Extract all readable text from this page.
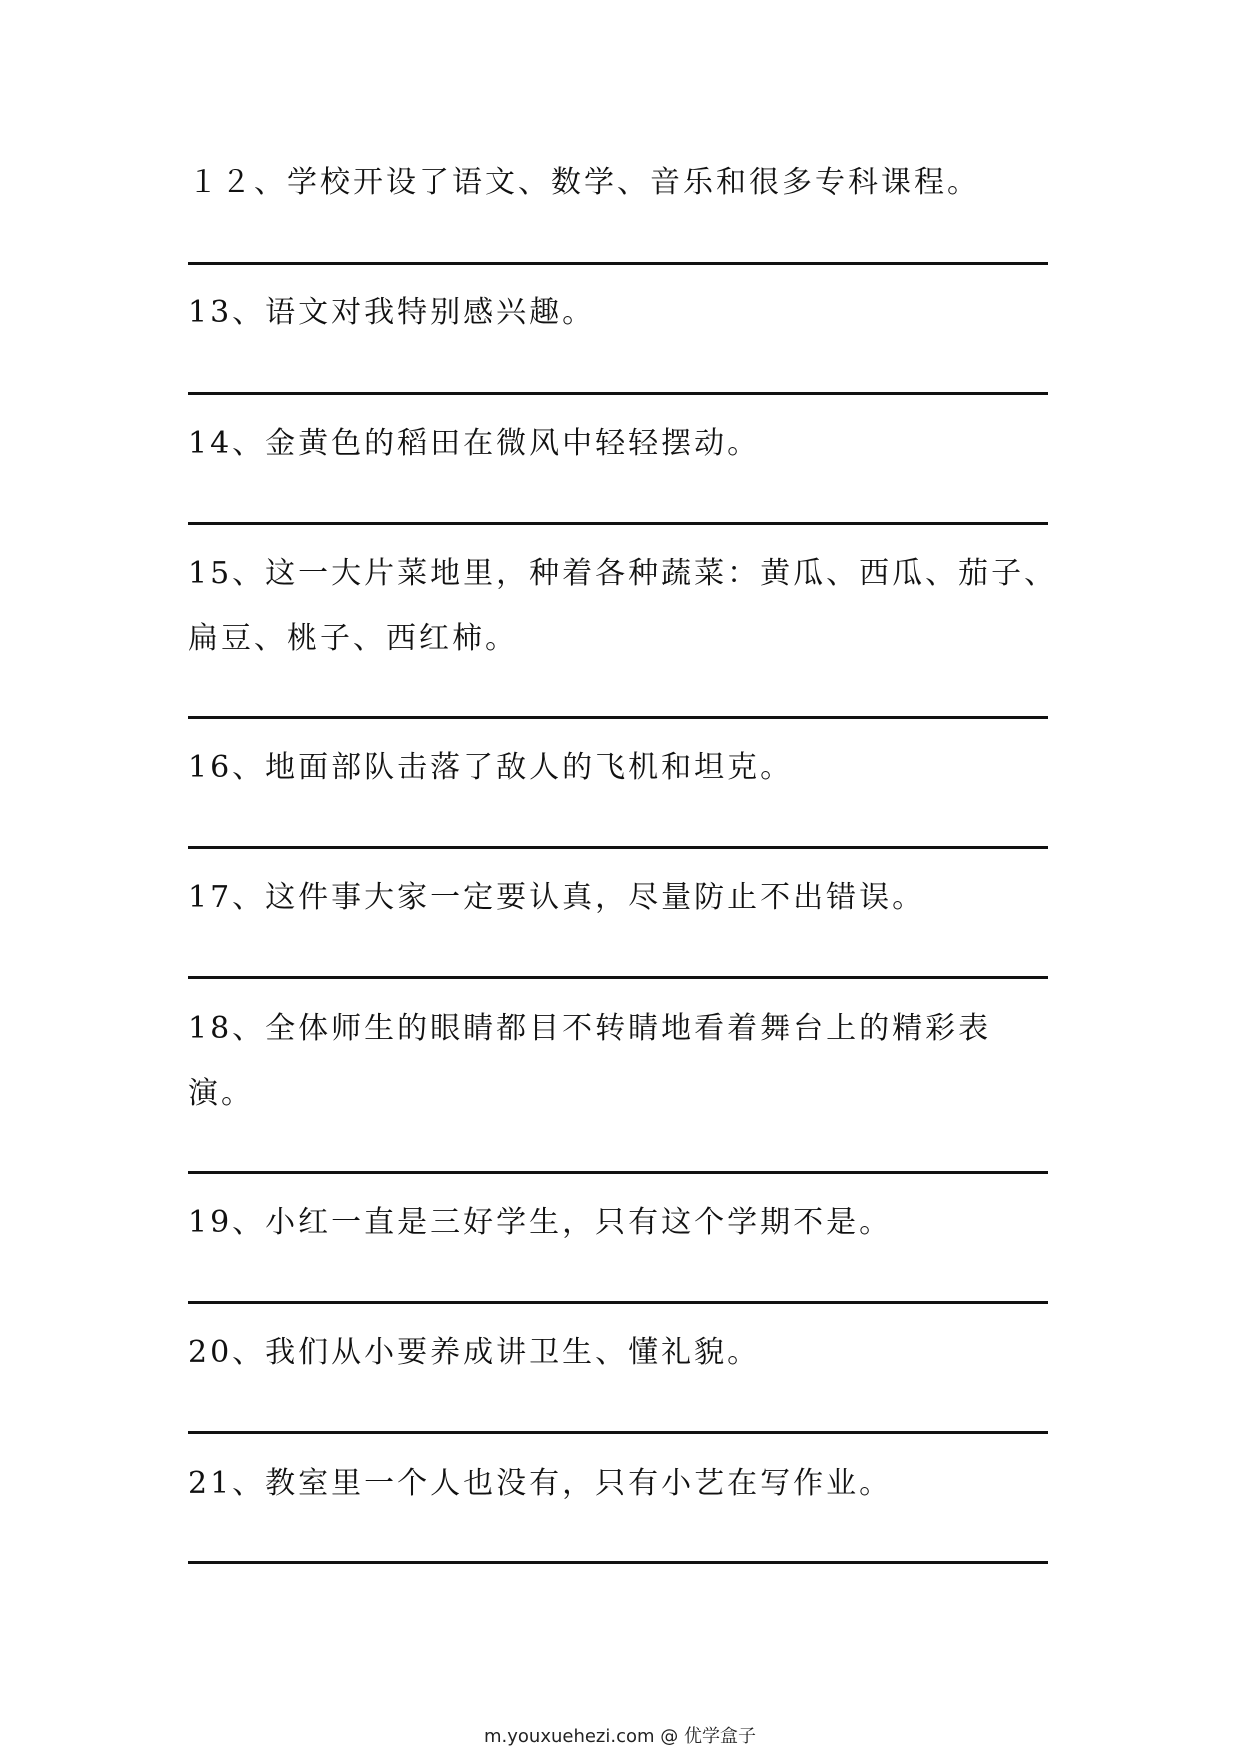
１２、学校开设了语文、数学、音乐和很多专科课程。
13、语文对我特别感兴趣。
14、金黄色的稻田在微风中轻轻摆动。
15、这一大片菜地里，种着各种蔬菜：黄瓜、西瓜、茄子、
扁豆、桃子、西红柿。
16、地面部队击落了敌人的飞机和坦克。
17、这件事大家一定要认真，尽量防止不出错误。
18、全体师生的眼睛都目不转睛地看着舞台上的精彩表
演。
19、小红一直是三好学生，只有这个学期不是。
20、我们从小要养成讲卫生、懂礼貌。
21、教室里一个人也没有，只有小艺在写作业。
m.youxuehezi.com @ 优学盒子
